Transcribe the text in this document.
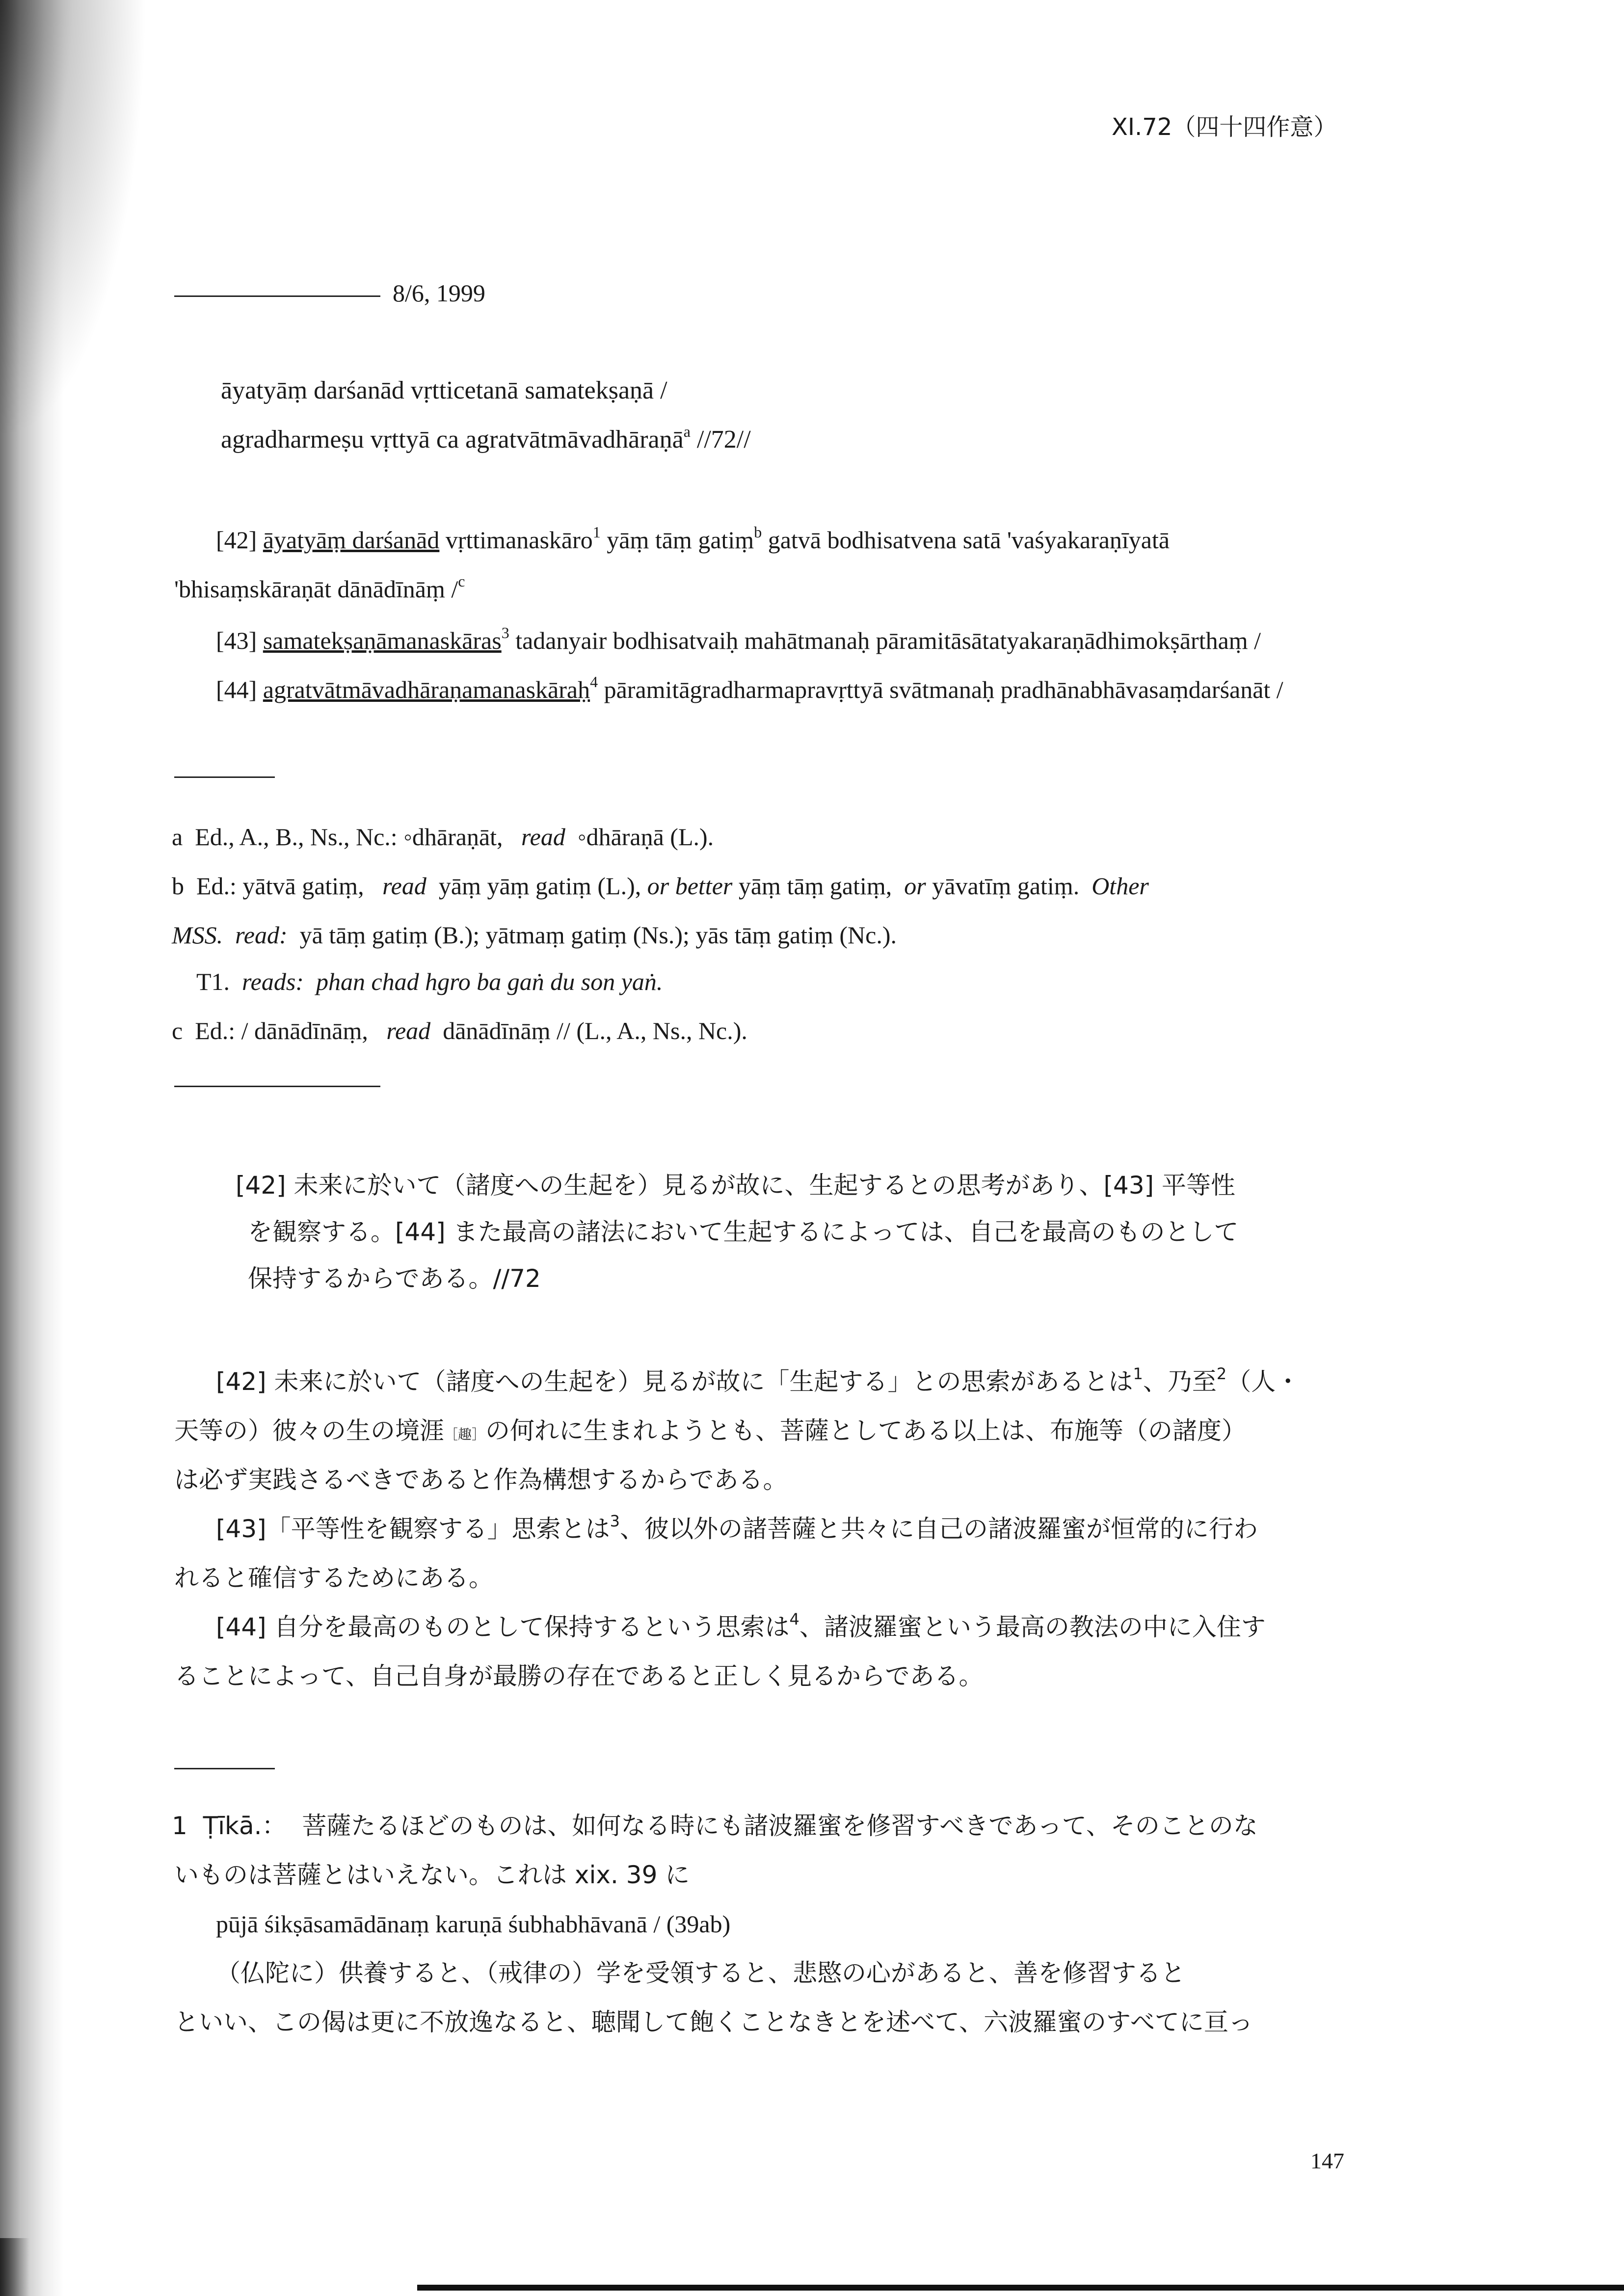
XI.72（四十四作意）
8/6, 1999
āyatyāṃ darśanād vṛtticetanā samatekṣaṇā /
agradharmeṣu vṛttyā ca agratvātmāvadhāraṇā$^a$ //72//
[42] āyatyāṃ darśanād vṛttimanaskāro$^1$ yāṃ tāṃ gatiṃ$^b$ gatvā bodhisatvena satā 'vaśyakaraṇīyatā
'bhisaṃskāraṇāt dānādīnāṃ /$^c$
[43] samatekṣaṇāmanaskāras$^3$ tadanyair bodhisatvaiḥ mahātmanaḥ pāramitāsātatyakaraṇādhimokṣārthaṃ /
[44] agratvātmāvadhāraṇamanaskāraḥ$^4$ pāramitāgradharmapravṛttyā svātmanaḥ pradhānabhāvasaṃdarśanāt /
a Ed., A., B., Ns., Nc.: ◦dhāraṇāt, read ◦dhāraṇā (L.).
b Ed.: yātvā gatiṃ, read yāṃ yāṃ gatiṃ (L.), or better yāṃ tāṃ gatiṃ, or yāvatīṃ gatiṃ. Other
MSS. read: yā tāṃ gatiṃ (B.); yātmaṃ gatiṃ (Ns.); yās tāṃ gatiṃ (Nc.).
T1. reads: phan chad hgro ba gaṅ du son yaṅ.
c Ed.: / dānādīnāṃ, read dānādīnāṃ // (L., A., Ns., Nc.).
[42] 未来に於いて（諸度への生起を）見るが故に、生起するとの思考があり、[43] 平等性
を観察する。[44] また最高の諸法において生起するによっては、自己を最高のものとして
保持するからである。//72
[42] 未来に於いて（諸度への生起を）見るが故に「生起する」との思索があるとは$^1$、乃至$^2$（人・
天等の）彼々の生の境涯［趣］の何れに生まれようとも、菩薩としてある以上は、布施等（の諸度）
は必ず実践さるべきであると作為構想するからである。
[43]「平等性を観察する」思索とは$^3$、彼以外の諸菩薩と共々に自己の諸波羅蜜が恒常的に行わ
れると確信するためにある。
[44] 自分を最高のものとして保持するという思索は$^4$、諸波羅蜜という最高の教法の中に入住す
ることによって、自己自身が最勝の存在であると正しく見るからである。
1 Ṭīkā.： 菩薩たるほどのものは、如何なる時にも諸波羅蜜を修習すべきであって、そのことのな
いものは菩薩とはいえない。これは xix. 39 に
pūjā śikṣāsamādānaṃ karuṇā śubhabhāvanā / (39ab)
（仏陀に）供養すると、（戒律の）学を受領すると、悲愍の心があると、善を修習すると
といい、この偈は更に不放逸なると、聴聞して飽くことなきとを述べて、六波羅蜜のすべてに亘っ
147
